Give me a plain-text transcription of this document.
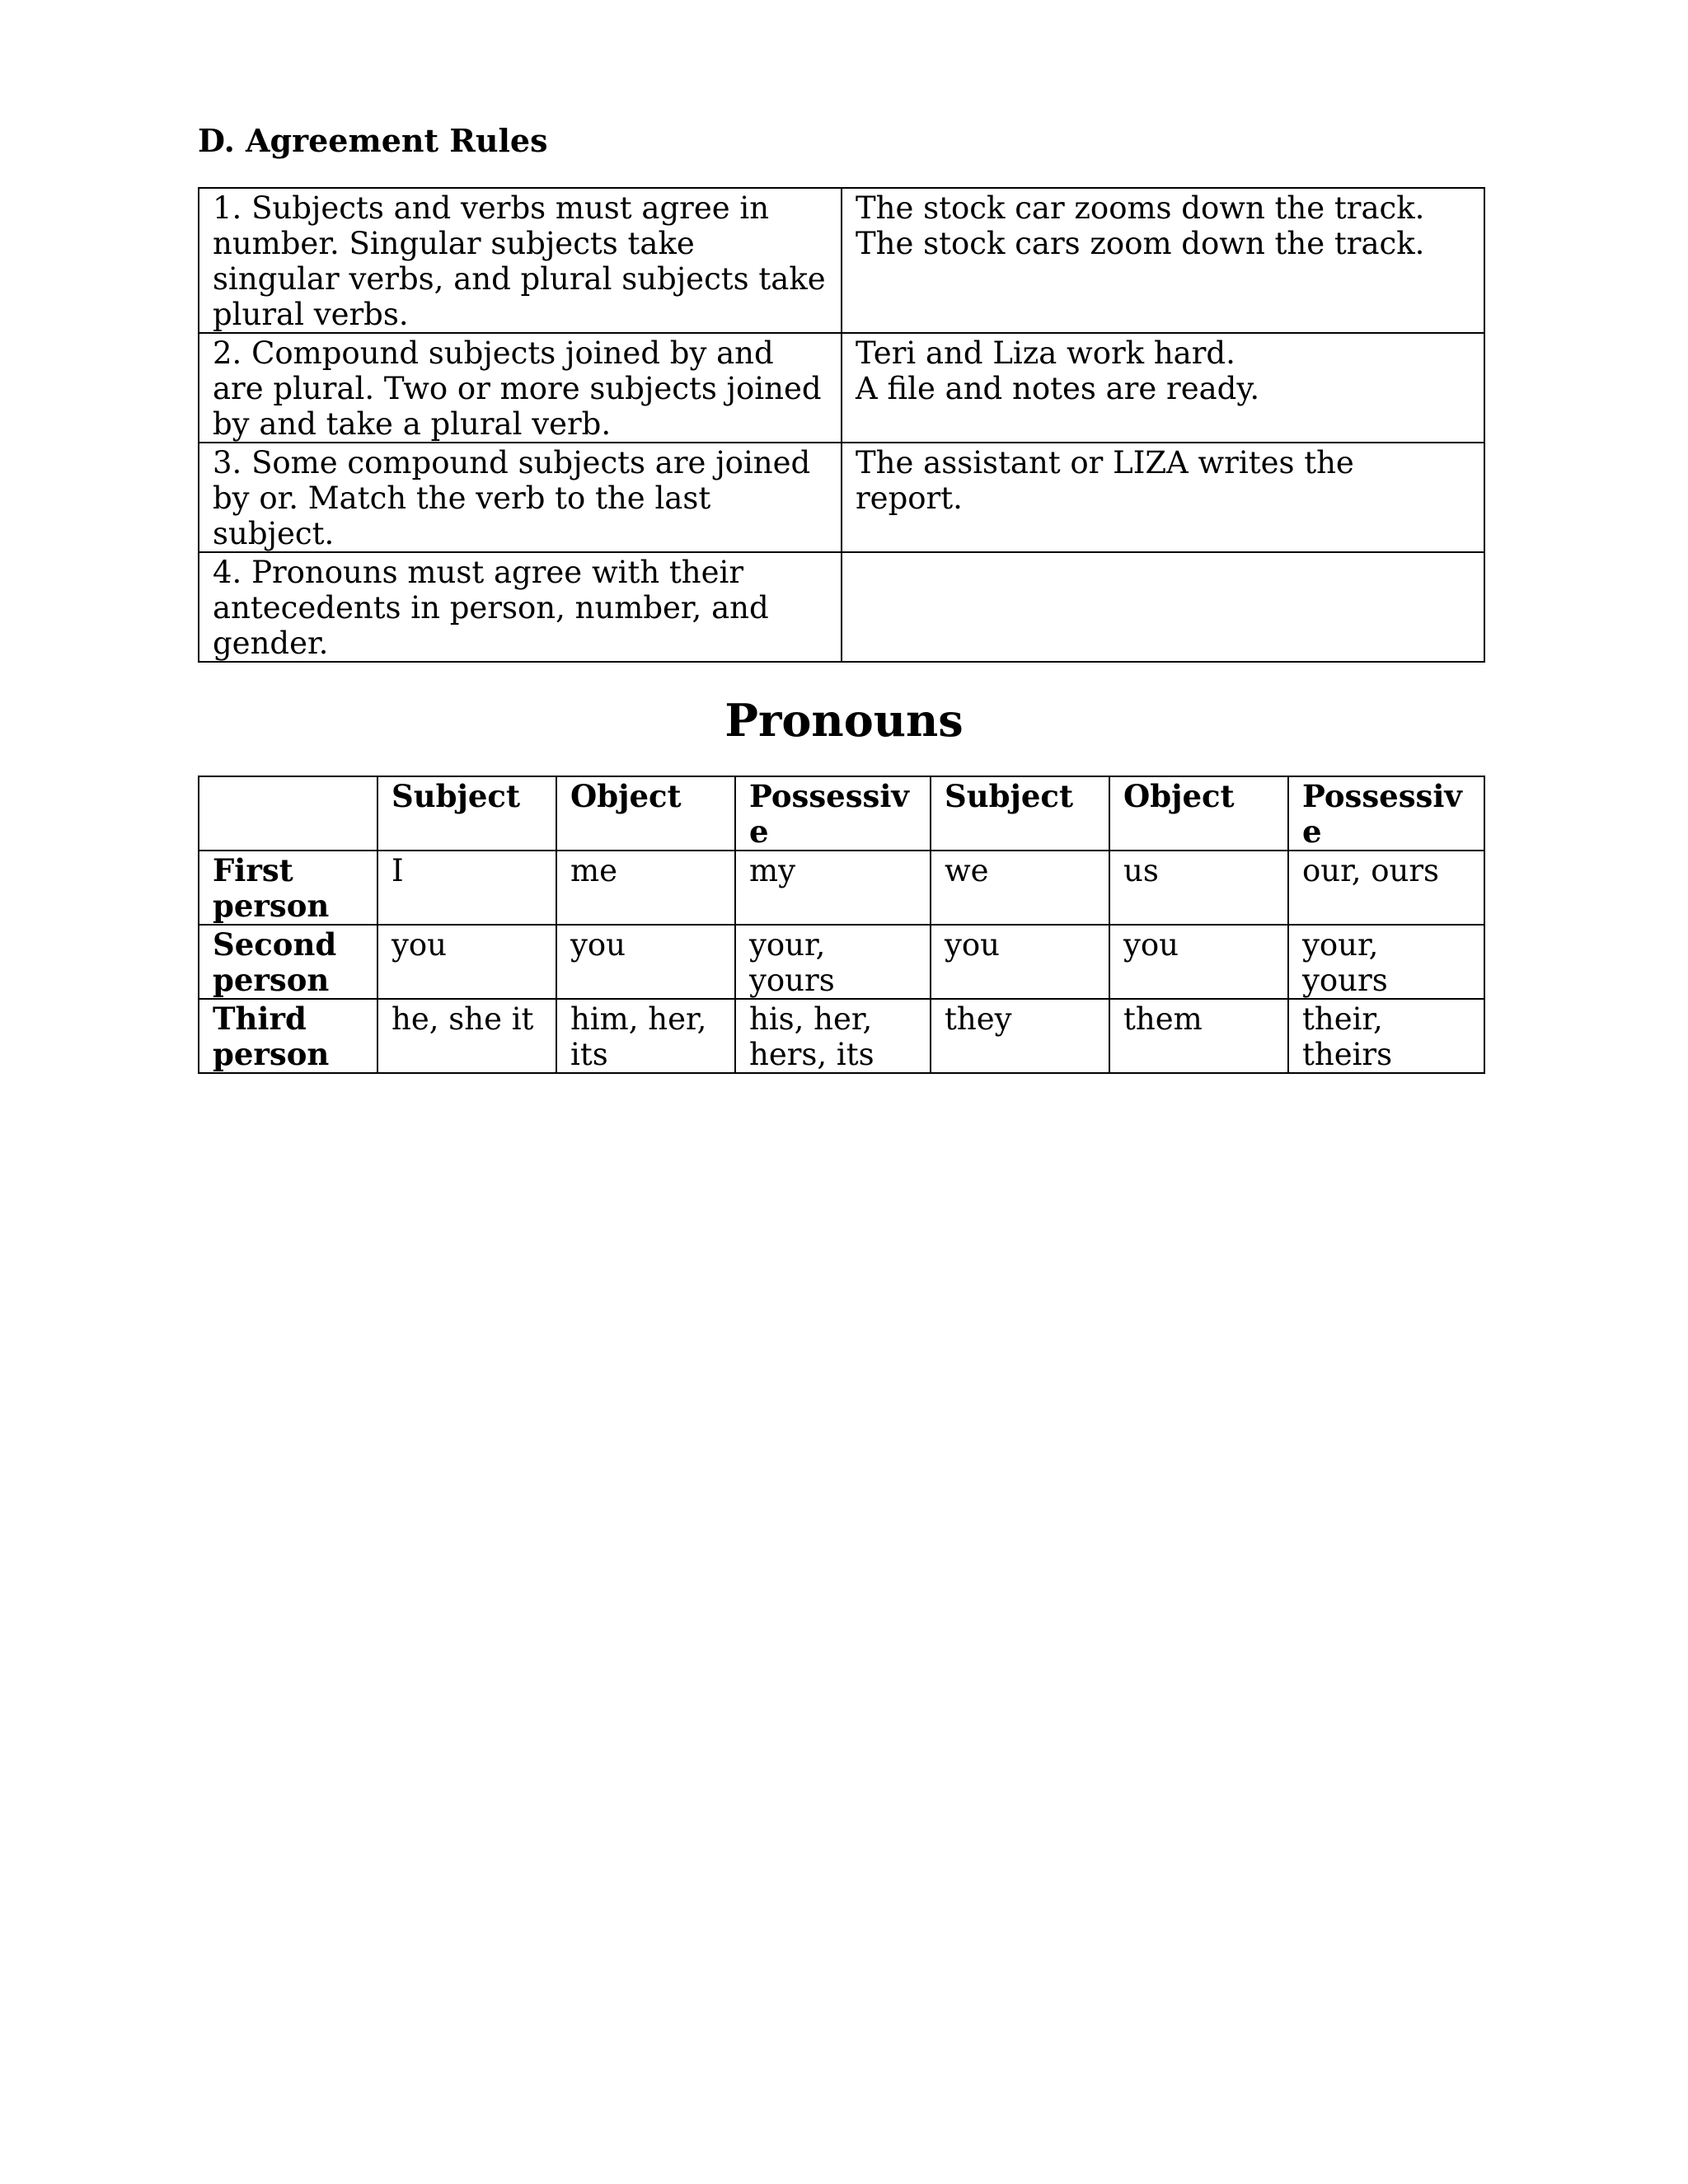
D. Agreement Rules
1. Subjects and verbs must agree in number. Singular subjects take singular verbs, and plural subjects take plural verbs.	The stock car zooms down the track.
The stock cars zoom down the track.

2. Compound subjects joined by and are plural. Two or more subjects joined by and take a plural verb.	Teri and Liza work hard.
A file and notes are ready.

3. Some compound subjects are joined by or. Match the verb to the last subject.	The assistant or LIZA writes the report.

4. Pronouns must agree with their antecedents in person, number, and gender.	
Pronouns
	Subject	Object	Possessive	Subject	Object	Possessive
First person	I	me	my	we	us	our, ours
Second person	you	you	your, yours	you	you	your, yours
Third person	he, she it	him, her, its	his, her, hers, its	they	them	their, theirs
